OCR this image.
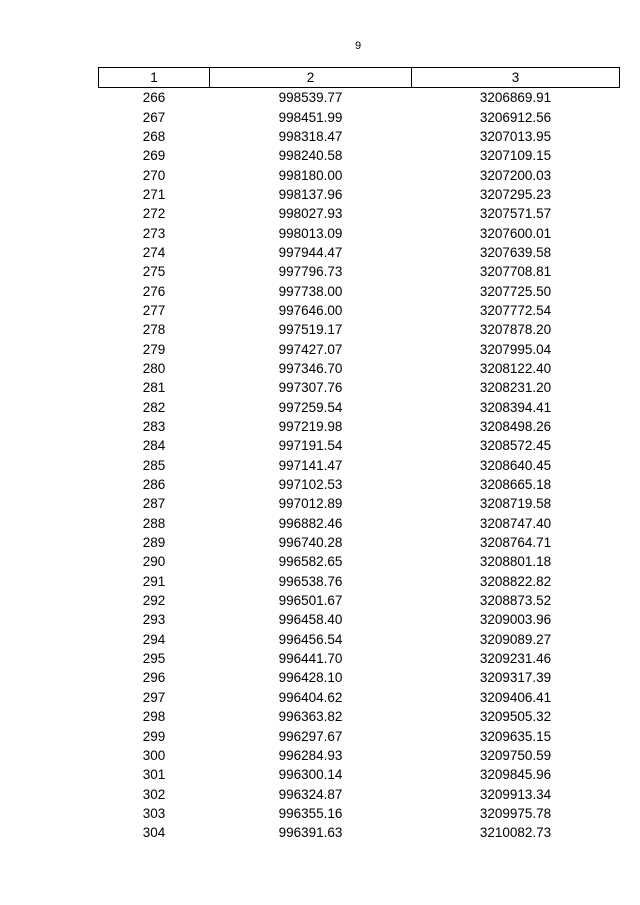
9
1	2	3
266	998539.77	3206869.91
267	998451.99	3206912.56
268	998318.47	3207013.95
269	998240.58	3207109.15
270	998180.00	3207200.03
271	998137.96	3207295.23
272	998027.93	3207571.57
273	998013.09	3207600.01
274	997944.47	3207639.58
275	997796.73	3207708.81
276	997738.00	3207725.50
277	997646.00	3207772.54
278	997519.17	3207878.20
279	997427.07	3207995.04
280	997346.70	3208122.40
281	997307.76	3208231.20
282	997259.54	3208394.41
283	997219.98	3208498.26
284	997191.54	3208572.45
285	997141.47	3208640.45
286	997102.53	3208665.18
287	997012.89	3208719.58
288	996882.46	3208747.40
289	996740.28	3208764.71
290	996582.65	3208801.18
291	996538.76	3208822.82
292	996501.67	3208873.52
293	996458.40	3209003.96
294	996456.54	3209089.27
295	996441.70	3209231.46
296	996428.10	3209317.39
297	996404.62	3209406.41
298	996363.82	3209505.32
299	996297.67	3209635.15
300	996284.93	3209750.59
301	996300.14	3209845.96
302	996324.87	3209913.34
303	996355.16	3209975.78
304	996391.63	3210082.73
